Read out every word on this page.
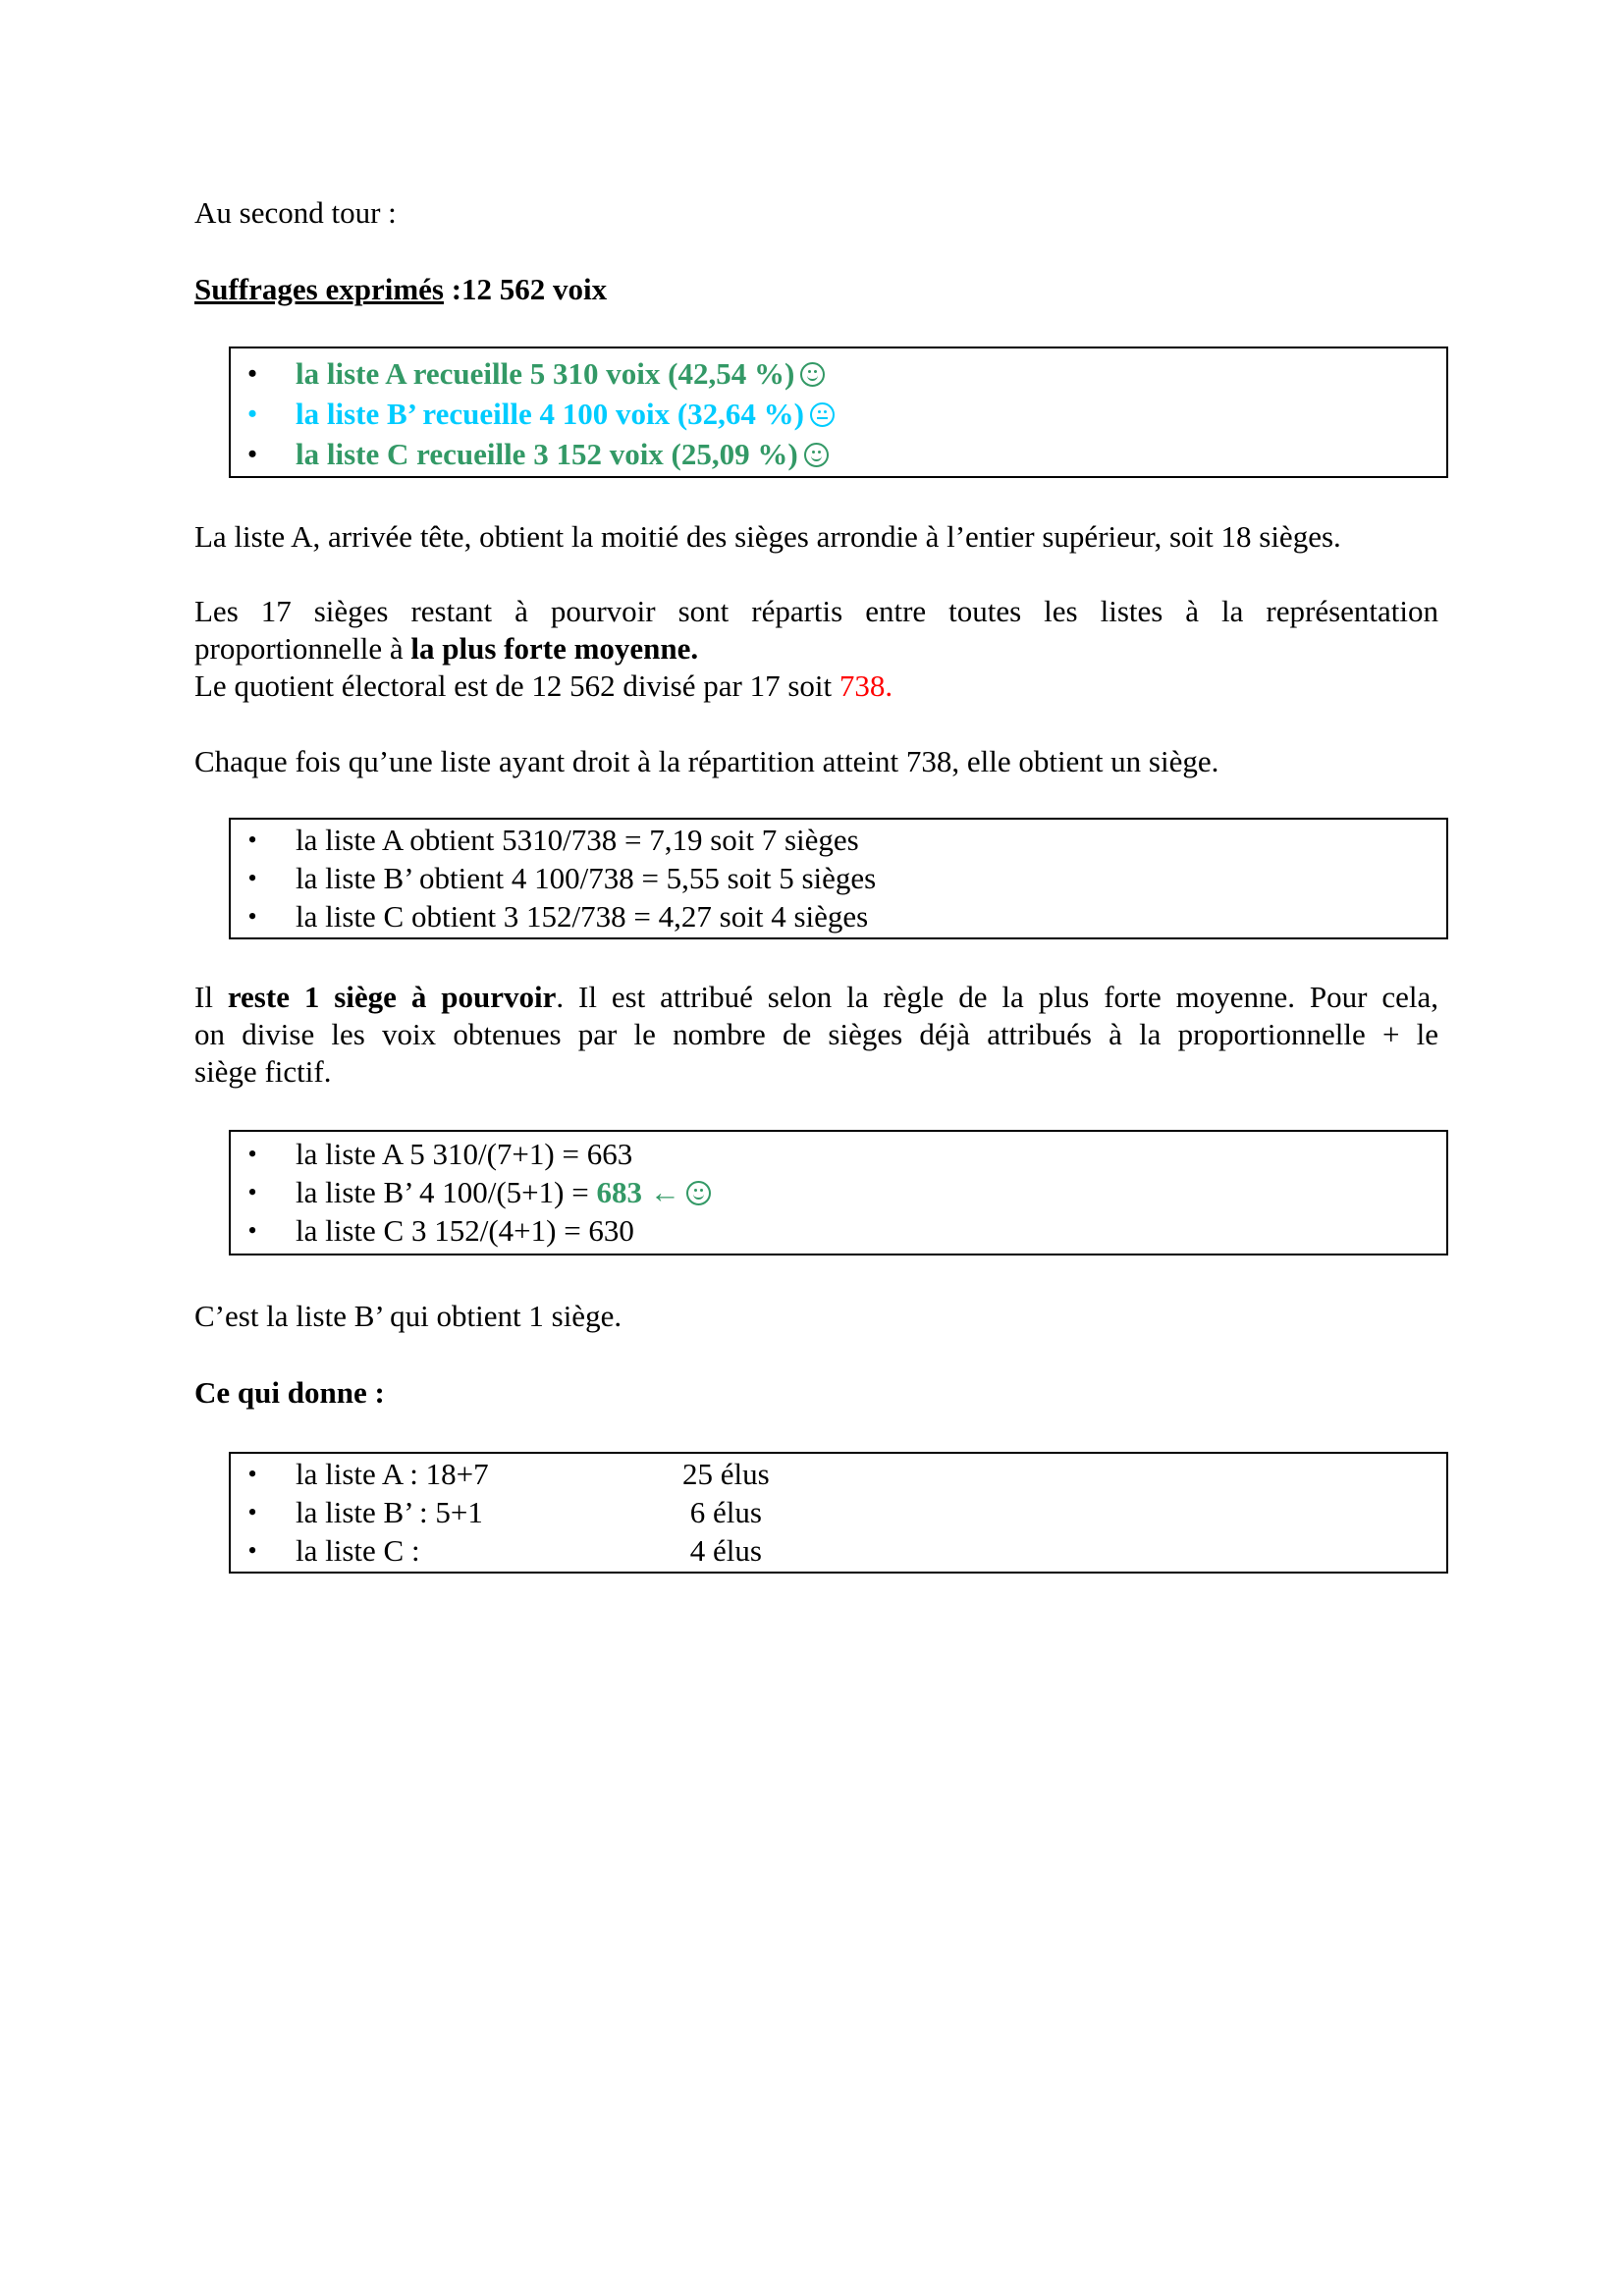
Au second tour :
Suffrages exprimés :12 562 voix
La liste A, arrivée tête, obtient la moitié des sièges arrondie à l’entier supérieur, soit 18 sièges.
Les 17 sièges restant à pourvoir sont répartis entre toutes les listes à la représentation
proportionnelle à la plus forte moyenne.
Le quotient électoral est de 12 562 divisé par 17 soit 738.
Chaque fois qu’une liste ayant droit à la répartition atteint 738, elle obtient un siège.
Il reste 1 siège à pourvoir. Il est attribué selon la règle de la plus forte moyenne. Pour cela,
on divise les voix obtenues par le nombre de sièges déjà attribués à la proportionnelle + le
siège fictif.
C’est la liste B’ qui obtient 1 siège.
Ce qui donne :
• la liste A recueille 5 310 voix (42,54 %)
• la liste B’ recueille 4 100 voix (32,64 %)
• la liste C recueille 3 152 voix (25,09 %)
• la liste A obtient 5310/738 = 7,19 soit 7 sièges
• la liste B’ obtient 4 100/738 = 5,55 soit 5 sièges
• la liste C obtient 3 152/738 = 4,27 soit 4 sièges
• la liste A 5 310/(7+1) = 663
• la liste B’ 4 100/(5+1) = 683 ←
• la liste C 3 152/(4+1) = 630
• la liste A : 18+7	25 élus
• la liste B’ : 5+1	6 élus
• la liste C :	4 élus
